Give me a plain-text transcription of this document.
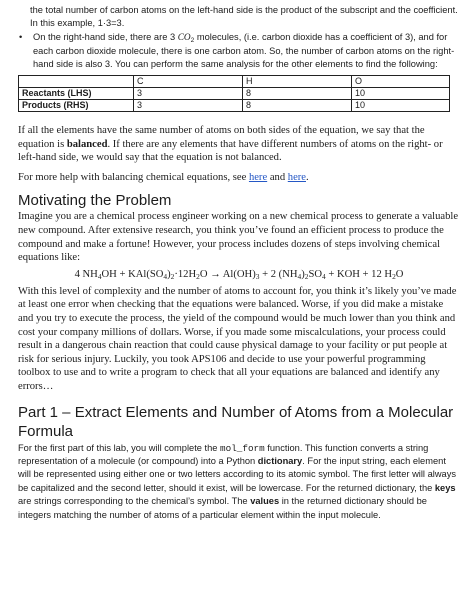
the total number of carbon atoms on the left-hand side is the product of the subscript and the coefficient. In this example, 1·3=3.
•	On the right-hand side, there are 3 $CO_2$ molecules, (i.e. carbon dioxide has a coefficient of 3), and for each carbon dioxide molecule, there is one carbon atom. So, the number of carbon atoms on the right-hand side is also 3. You can perform the same analysis for the other elements to find the following:
	C	H	O
Reactants (LHS)	3	8	10
Products (RHS)	3	8	10

If all the elements have the same number of atoms on both sides of the equation, we say that the equation is balanced. If there are any elements that have different numbers of atoms on the right- or left-hand side, we would say that the equation is not balanced.

For more help with balancing chemical equations, see here and here.

Motivating the Problem

Imagine you are a chemical process engineer working on a new chemical process to generate a valuable new compound. After extensive research, you think you’ve found an efficient process to produce the compound and make a fortune! However, your process includes dozens of steps involving chemical equations like:

4 $NH_4OH + KAl(SO_4)_2\cdot 12H_2O \to Al(OH)_3 + 2$ $(NH_4)_2SO_4$ + KOH + 12 $H_2O$

With this level of complexity and the number of atoms to account for, you think it’s likely you’ve made at least one error when checking that the equations were balanced. Worse, if you did make a mistake and you try to execute the process, the yield of the compound would be much lower than you think and cost your company millions of dollars. Worse, if you made some miscalculations, your process could result in a dangerous chain reaction that could cause physical damage to your facility or put people at risk for serious injury. Luckily, you took APS106 and decide to use your powerful programming toolbox to use and to write a program to check that all your equations are balanced and identify any errors…

Part 1 – Extract Elements and Number of Atoms from a Molecular Formula

For the first part of this lab, you will complete the mol_form function. This function converts a string representation of a molecule (or compound) into a Python dictionary. For the input string, each element will be represented using either one or two letters according to its atomic symbol. The first letter will always be capitalized and the second letter, should it exist, will be lowercase. For the returned dictionary, the keys are strings corresponding to the chemical’s symbol. The values in the returned dictionary should be integers matching the number of atoms of a particular element within the input molecule.
